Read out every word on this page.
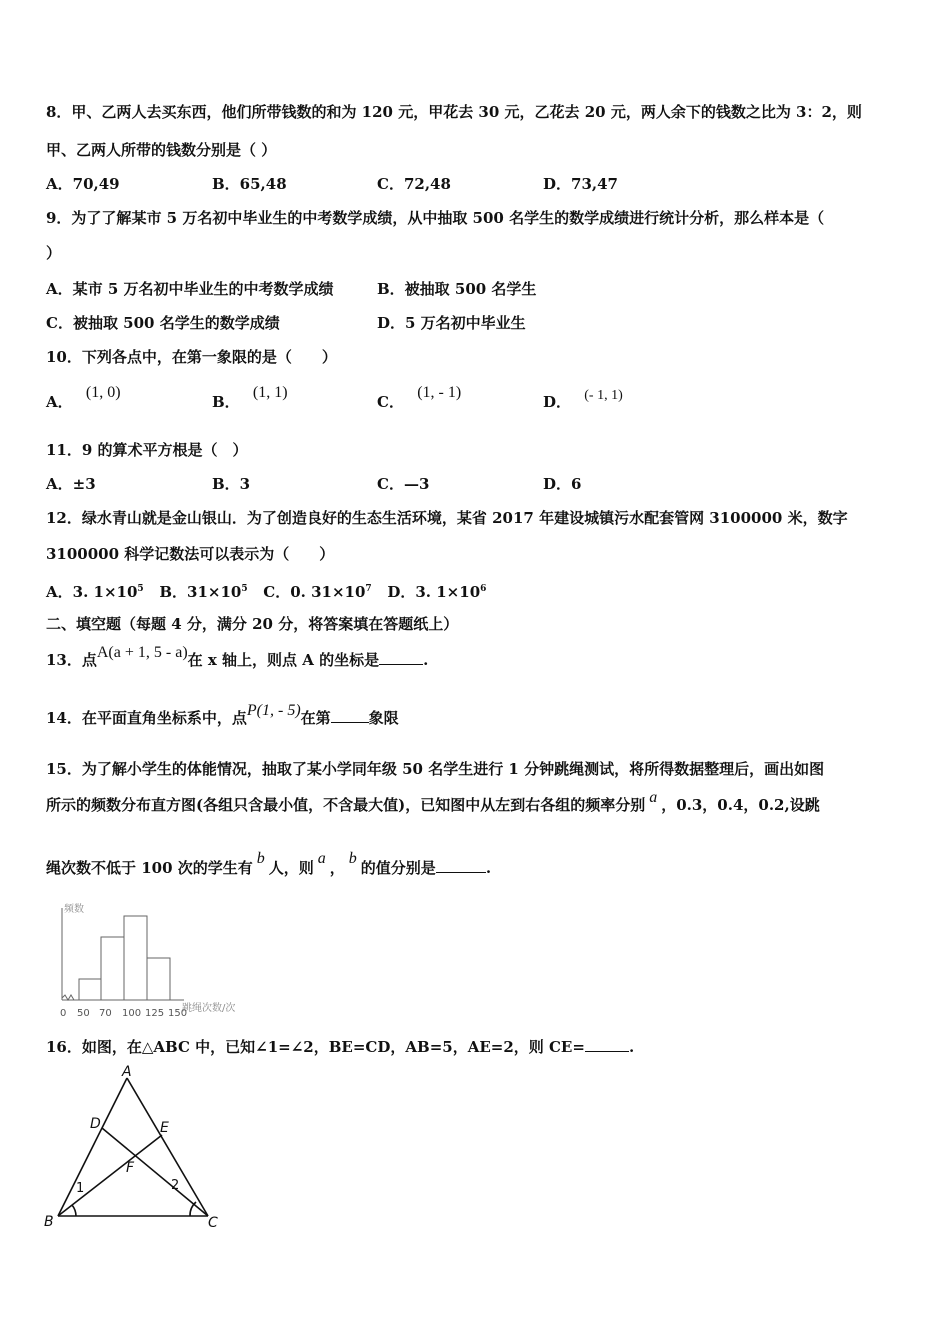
8．甲、乙两人去买东西，他们所带钱数的和为 120 元，甲花去 30 元，乙花去 20 元，两人余下的钱数之比为 3：2，则
甲、乙两人所带的钱数分别是（ ）
A．70,49	B．65,48	C．72,48	D．73,47
9．为了了解某市 5 万名初中毕业生的中考数学成绩，从中抽取 500 名学生的数学成绩进行统计分析，那么样本是（
）
A．某市 5 万名初中毕业生的中考数学成绩	B．被抽取 500 名学生
C．被抽取 500 名学生的数学成绩	D．5 万名初中毕业生
10．下列各点中，在第一象限的是（　　）
A． (1, 0)
B． (1, 1)
C． (1, - 1)
D． (- 1, 1)
11．9 的算术平方根是（　）
A．±3	B．3	C．—3	D．6
12．绿水青山就是金山银山．为了创造良好的生态生活环境，某省 2017 年建设城镇污水配套管网 3100000 米，数字
3100000 科学记数法可以表示为（　　）
A．3. $1\times 10^5$ B．$31\times 10^5$ C．0. $31\times 10^7$ D．3. $1\times 10^6$
二、填空题（每题 4 分，满分 20 分，将答案填在答题纸上）
13．点A(a + 1, 5 - a)在 x 轴上，则点 A 的坐标是	.
14．在平面直角坐标系中，点P(1, - 5)在第	象限
15．为了解小学生的体能情况，抽取了某小学同年级 50 名学生进行 1 分钟跳绳测试，将所得数据整理后，画出如图
所示的频数分布直方图(各组只含最小值，不含最大值)，已知图中从左到右各组的频率分别 a ，0.3，0.4，0.2,设跳
绳次数不低于 100 次的学生有b人，则a，b的值分别是	.
0 50 70 100 125 150
频数
跳绳次数/次
16．如图，在△ABC 中，已知∠1=∠2，BE=CD，AB=5，AE=2，则 CE=	.
A
B	C
D	E
F
1	2
